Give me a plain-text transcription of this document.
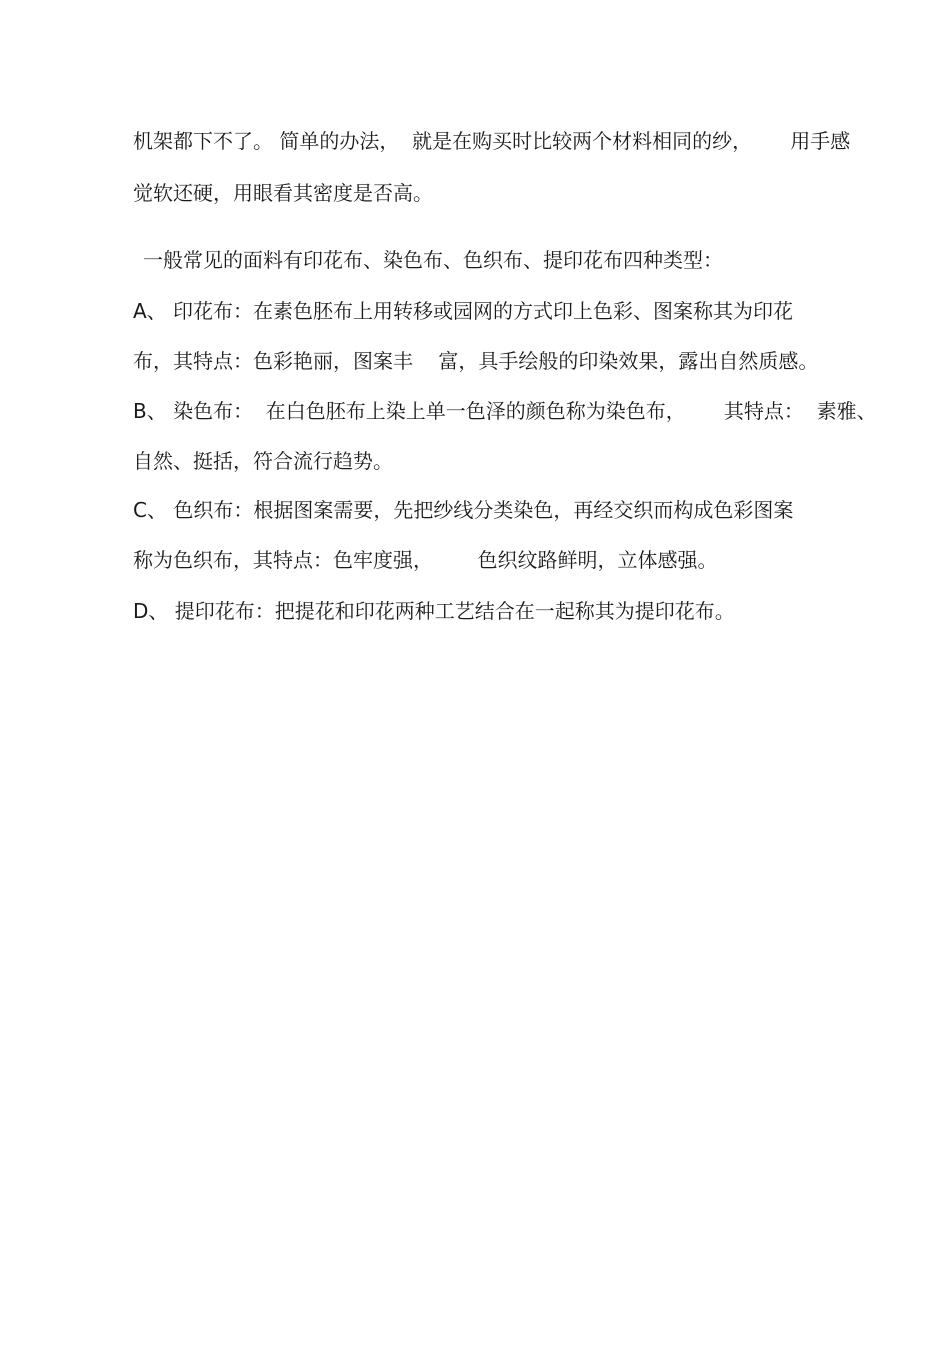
机架都下不了。 简单的办法，  就是在购买时比较两个材料相同的纱，      用手感
觉软还硬，用眼看其密度是否高。
一般常见的面料有印花布、染色布、色织布、提印花布四种类型：
A、 印花布：在素色胚布上用转移或园网的方式印上色彩、图案称其为印花
布，其特点：色彩艳丽，图案丰    富，具手绘般的印染效果，露出自然质感。
B、 染色布：  在白色胚布上染上单一色泽的颜色称为染色布，      其特点：  素雅、
自然、挺括，符合流行趋势。
C、 色织布：根据图案需要，先把纱线分类染色，再经交织而构成色彩图案
称为色织布，其特点：色牢度强，       色织纹路鲜明，立体感强。
D、 提印花布：把提花和印花两种工艺结合在一起称其为提印花布。
